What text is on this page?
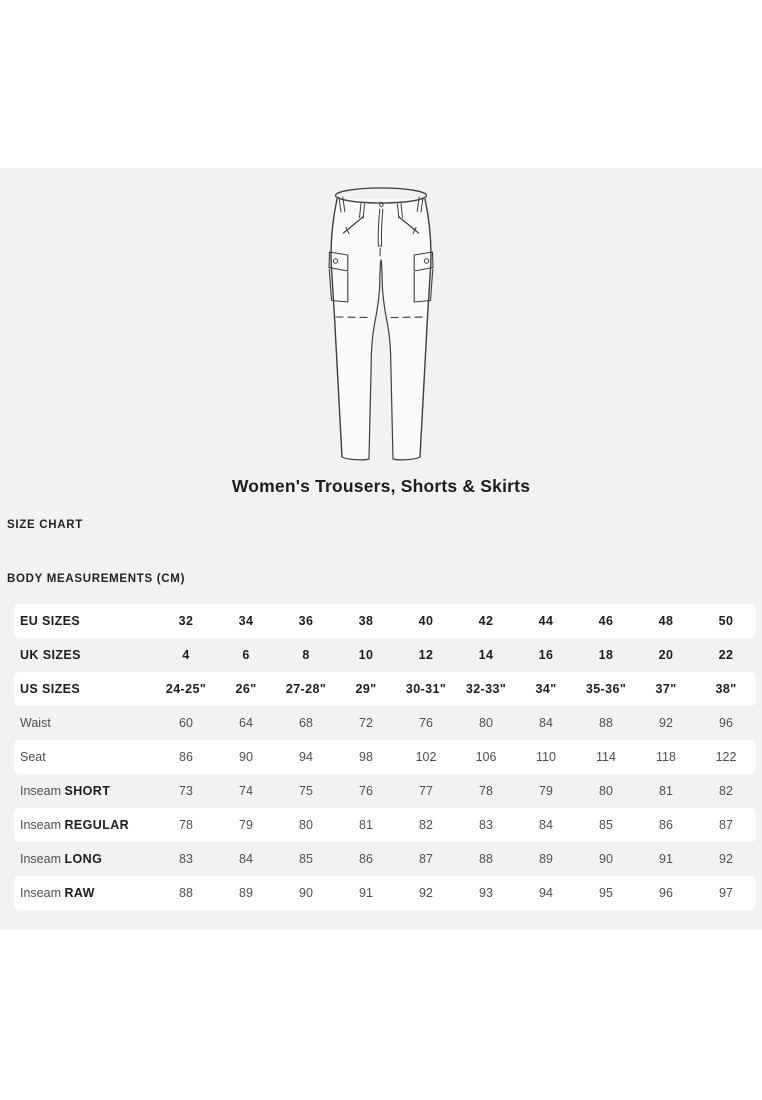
Women's Trousers, Shorts & Skirts
SIZE CHART
BODY MEASUREMENTS (CM)
EU SIZES	32	34	36	38	40	42	44	46	48	50
UK SIZES	4	6	8	10	12	14	16	18	20	22
US SIZES	24-25"	26"	27-28"	29"	30-31"	32-33"	34"	35-36"	37"	38"
Waist	60	64	68	72	76	80	84	88	92	96
Seat	86	90	94	98	102	106	110	114	118	122
Inseam SHORT	73	74	75	76	77	78	79	80	81	82
Inseam REGULAR	78	79	80	81	82	83	84	85	86	87
Inseam LONG	83	84	85	86	87	88	89	90	91	92
Inseam RAW	88	89	90	91	92	93	94	95	96	97
